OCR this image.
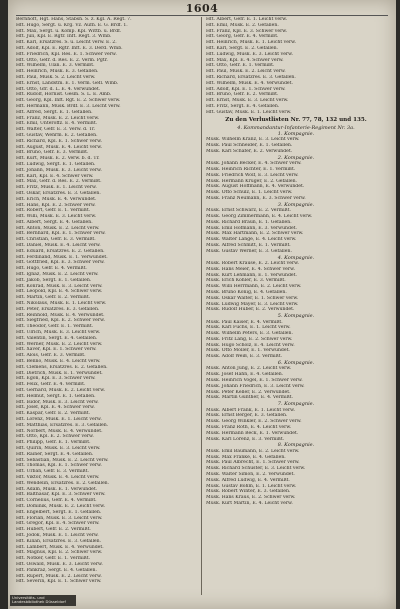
1604
Bernhöft, Hgt. Hans, Stabsh. S. z. Kgl. A. Regt. 7.
Hft. Hugo, Sergt. u. Krg. Vz. Aufh. E. G. Brdf. 1.
Hft. Max, Sergt. u. Komp. Kpl. Wittb. u. Brdf.
Hft. Juli, Kpl. E. Rgtr. Inft. Regt. 3. Wmb.
Hft. Karl, Ersatzres. S. u. Leicht verw. E. 2.
Hft. Adolf, Kpl. E. Rgtr. Inft. E. 3. Derd. Wmb.
Hft. Friedrich, Kpl. Res. E. 1. Schwer verw.
Hft. Otto, Gefr. d. Res. E. 2. Verm. Pgtr.
Hft. Wilhelm, Ulan. E. 3. Vermißt.
Hft. Heinrich, Musk. E. 3. Gefallen.
Hft. Paul, Musk. S. 2. Leicht verw.
Hft. Ernst, Landstm. E. 1. Verm. Gefl. Wmb.
Hft. Otto, Gfr. d. L. E. 4. Verwundet.
Hft. Rudolf, Hornist. Gesm. S. L. E. Amb.
Hft. Georg, Kpl. Inft. Rgt. E. 2. Schwer verw.
Hft. Hermann, Musk. Brdf. E. 3. Leicht verw.
Hft. Alfred, Sergt. E. 1. Gefallen.
Hft. Franz, Musk. E. 2. Leicht verw.
Hft. Emil, Unteroffz. E. 4. Vermißt.
Hft. Walter, Gefr. E. 3. Verw. d. Tr.
Hft. Gustav, Wehrm. E. 2. Gefallen.
Hft. Richard, Kpl. E. 1. Schwer verw.
Hft. August, Musk. E. 4. Leicht verw.
Hft. Bruno, Gefr. E. 3. Vermißt.
Hft. Kurt, Musk. E. 2. Verw. b. d. Tr.
Hft. Ludwig, Sergt. E. 1. Gefallen.
Hft. Johann, Musk. E. 3. Leicht verw.
Hft. Karl, Kpl. E. 4. Schwer verw.
Hft. Max, Gefr. d. Res. E. 2. Vermißt.
Hft. Fritz, Musk. E. 1. Leicht verw.
Hft. Oskar, Ersatzres. E. 3. Gefallen.
Hft. Erich, Musk. E. 4. Verwundet.
Hft. Hans, Kpl. E. 2. Schwer verw.
Hft. Robert, Gefr. E. 1. Vermißt.
Hft. Willi, Musk. E. 3. Leicht verw.
Hft. Albert, Sergt. E. 4. Gefallen.
Hft. Anton, Musk. E. 2. Leicht verw.
Hft. Bernhard, Kpl. E. 1. Schwer verw.
Hft. Christian, Gefr. E. 3. Vermißt.
Hft. Daniel, Musk. E. 4. Leicht verw.
Hft. Eduard, Ersatzres. E. 2. Gefallen.
Hft. Ferdinand, Musk. E. 1. Verwundet.
Hft. Gottfried, Kpl. E. 3. Schwer verw.
Hft. Hugo, Gefr. E. 4. Vermißt.
Hft. Ignaz, Musk. E. 2. Leicht verw.
Hft. Jakob, Sergt. E. 1. Gefallen.
Hft. Konrad, Musk. E. 3. Leicht verw.
Hft. Leopold, Kpl. E. 4. Schwer verw.
Hft. Martin, Gefr. E. 2. Vermißt.
Hft. Nikolaus, Musk. E. 1. Leicht verw.
Hft. Peter, Ersatzres. E. 3. Gefallen.
Hft. Reinhold, Musk. E. 4. Verwundet.
Hft. Siegfried, Kpl. E. 2. Schwer verw.
Hft. Theodor, Gefr. E. 1. Vermißt.
Hft. Ulrich, Musk. E. 3. Leicht verw.
Hft. Valentin, Sergt. E. 4. Gefallen.
Hft. Werner, Musk. E. 2. Leicht verw.
Hft. Xaver, Kpl. E. 1. Schwer verw.
Hft. Alois, Gefr. E. 3. Vermißt.
Hft. Benno, Musk. E. 4. Leicht verw.
Hft. Clemens, Ersatzres. E. 2. Gefallen.
Hft. Dietrich, Musk. E. 1. Verwundet.
Hft. Egon, Kpl. E. 3. Schwer verw.
Hft. Felix, Gefr. E. 4. Vermißt.
Hft. Gerhard, Musk. E. 2. Leicht verw.
Hft. Helmut, Sergt. E. 1. Gefallen.
Hft. Isidor, Musk. E. 3. Leicht verw.
Hft. Josef, Kpl. E. 4. Schwer verw.
Hft. Kaspar, Gefr. E. 2. Vermißt.
Hft. Lorenz, Musk. E. 1. Leicht verw.
Hft. Matthias, Ersatzres. E. 3. Gefallen.
Hft. Norbert, Musk. E. 4. Verwundet.
Hft. Otto, Kpl. E. 2. Schwer verw.
Hft. Philipp, Gefr. E. 1. Vermißt.
Hft. Quirin, Musk. E. 3. Leicht verw.
Hft. Rainer, Sergt. E. 4. Gefallen.
Hft. Sebastian, Musk. E. 2. Leicht verw.
Hft. Thomas, Kpl. E. 1. Schwer verw.
Hft. Urban, Gefr. E. 3. Vermißt.
Hft. Viktor, Musk. E. 4. Leicht verw.
Hft. Wendelin, Ersatzres. E. 2. Gefallen.
Hft. Adam, Musk. E. 1. Verwundet.
Hft. Balthasar, Kpl. E. 3. Schwer verw.
Hft. Cornelius, Gefr. E. 4. Vermißt.
Hft. Dominik, Musk. E. 2. Leicht verw.
Hft. Engelbert, Sergt. E. 1. Gefallen.
Hft. Florian, Musk. E. 3. Leicht verw.
Hft. Gregor, Kpl. E. 4. Schwer verw.
Hft. Hubert, Gefr. E. 2. Vermißt.
Hft. Jodok, Musk. E. 1. Leicht verw.
Hft. Kilian, Ersatzres. E. 3. Gefallen.
Hft. Lambert, Musk. E. 4. Verwundet.
Hft. Magnus, Kpl. E. 2. Schwer verw.
Hft. Notker, Gefr. E. 1. Vermißt.
Hft. Oswald, Musk. E. 3. Leicht verw.
Hft. Pankraz, Sergt. E. 4. Gefallen.
Hft. Rupert, Musk. E. 2. Leicht verw.
Hft. Severin, Kpl. E. 1. Schwer verw.
Hft. Albert, Gefr. E. 1. Leicht verw.
Hft. Emil, Musk. E. 2. Gefallen.
Hft. Franz, Kpl. E. 3. Schwer verw.
Hft. Georg, Gefr. E. 4. Vermißt.
Hft. Heinrich, Musk. E. 1. Leicht verw.
Hft. Karl, Sergt. E. 2. Gefallen.
Hft. Ludwig, Musk. E. 3. Leicht verw.
Hft. Max, Kpl. E. 4. Schwer verw.
Hft. Otto, Gefr. E. 1. Vermißt.
Hft. Paul, Musk. E. 2. Leicht verw.
Hft. Richard, Ersatzres. E. 3. Gefallen.
Hft. Wilhelm, Musk. E. 4. Verwundet.
Hft. Adolf, Kpl. E. 1. Schwer verw.
Hft. Bruno, Gefr. E. 2. Vermißt.
Hft. Ernst, Musk. E. 3. Leicht verw.
Hft. Fritz, Sergt. E. 4. Gefallen.
Hft. Gustav, Musk. E. 1. Leicht verw.
Zu den Verlustlisten Nr. 77, 78, 132 und 135.
4. Kommandantur-Infanterie-Regiment Nr. 3a.
1. Kompagnie.
Musk. Wilhelm Kranz, E. 3. Leicht verw.
Musk. Paul Schneider, E. 1. Gefallen.
Musk. Karl Schäfer, E. 2. Verwundet.
2. Kompagnie.
Musk. Johann Becker, E. 4. Schwer verw.
Musk. Heinrich Richter, E. 1. Vermißt.
Musk. Friedrich Wolf, E. 3. Leicht verw.
Musk. Hermann Krüger, E. 2. Gefallen.
Musk. August Hoffmann, E. 4. Verwundet.
Musk. Otto Schulz, E. 1. Leicht verw.
Musk. Franz Neumann, E. 3. Schwer verw.
3. Kompagnie.
Musk. Ernst Schwarz, E. 2. Vermißt.
Musk. Georg Zimmermann, E. 4. Leicht verw.
Musk. Richard Braun, E. 1. Gefallen.
Musk. Emil Hofmann, E. 3. Verwundet.
Musk. Max Hartmann, E. 2. Schwer verw.
Musk. Walter Lange, E. 4. Leicht verw.
Musk. Alfred Schmitt, E. 1. Vermißt.
Musk. Gustav Werner, E. 3. Gefallen.
4. Kompagnie.
Musk. Robert Krause, E. 2. Leicht verw.
Musk. Hans Meier, E. 4. Schwer verw.
Musk. Kurt Lehmann, E. 1. Verwundet.
Musk. Erich Köhler, E. 3. Vermißt.
Musk. Willi Herrmann, E. 2. Leicht verw.
Musk. Bruno König, E. 4. Gefallen.
Musk. Oskar Walter, E. 1. Schwer verw.
Musk. Ludwig Mayer, E. 3. Leicht verw.
Musk. Rudolf Huber, E. 2. Verwundet.
5. Kompagnie.
Musk. Paul Kaiser, E. 4. Vermißt.
Musk. Karl Fuchs, E. 1. Leicht verw.
Musk. Wilhelm Peters, E. 3. Gefallen.
Musk. Fritz Lang, E. 2. Schwer verw.
Musk. Hugo Scholz, E. 4. Leicht verw.
Musk. Otto Möller, E. 1. Verwundet.
Musk. Adolf Weiß, E. 3. Vermißt.
6. Kompagnie.
Musk. Anton Jung, E. 2. Leicht verw.
Musk. Josef Hahn, E. 4. Gefallen.
Musk. Heinrich Vogel, E. 1. Schwer verw.
Musk. Johann Friedrich, E. 3. Leicht verw.
Musk. Peter Keller, E. 2. Verwundet.
Musk. Martin Günther, E. 4. Vermißt.
7. Kompagnie.
Musk. Albert Frank, E. 1. Leicht verw.
Musk. Ernst Berger, E. 3. Gefallen.
Musk. Georg Winkler, E. 2. Schwer verw.
Musk. Franz Roth, E. 4. Leicht verw.
Musk. Hermann Beck, E. 1. Verwundet.
Musk. Karl Lorenz, E. 3. Vermißt.
8. Kompagnie.
Musk. Emil Baumann, E. 2. Leicht verw.
Musk. Max Franke, E. 4. Gefallen.
Musk. Paul Albrecht, E. 1. Schwer verw.
Musk. Richard Schuster, E. 3. Leicht verw.
Musk. Walter Simon, E. 2. Verwundet.
Musk. Alfred Ludwig, E. 4. Vermißt.
Musk. Gustav Böhm, E. 1. Leicht verw.
Musk. Robert Winter, E. 3. Gefallen.
Musk. Hans Kraus, E. 2. Schwer verw.
Musk. Kurt Martin, E. 4. Leicht verw.
Universitäts- und
Landesbibliothek Düsseldorf
